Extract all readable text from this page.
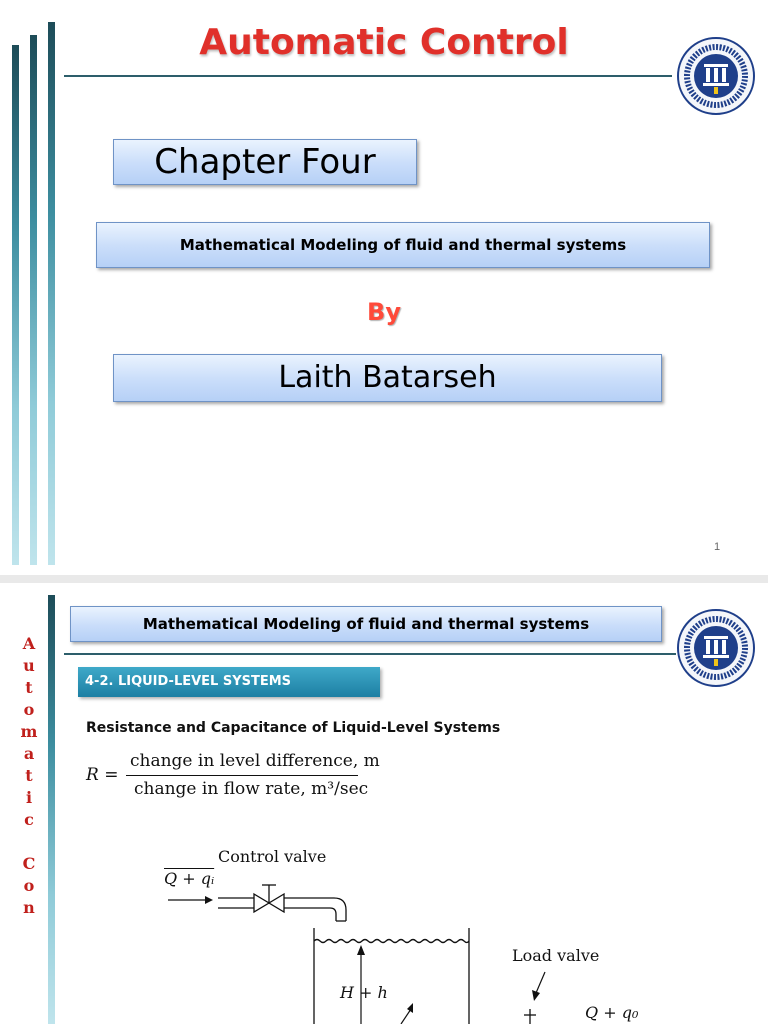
Automatic Control
Chapter Four
Mathematical Modeling of fluid and thermal systems
By
Laith Batarseh
1
A
u
t
o
m
a
t
i
c
C
o
n
Mathematical Modeling of fluid and thermal systems
4-2. LIQUID-LEVEL SYSTEMS
Resistance and Capacitance of Liquid-Level Systems
R =
change in level difference, m
change in flow rate, m³/sec
Control valve
Q + qᵢ
Load valve
H + h
Q + q₀
